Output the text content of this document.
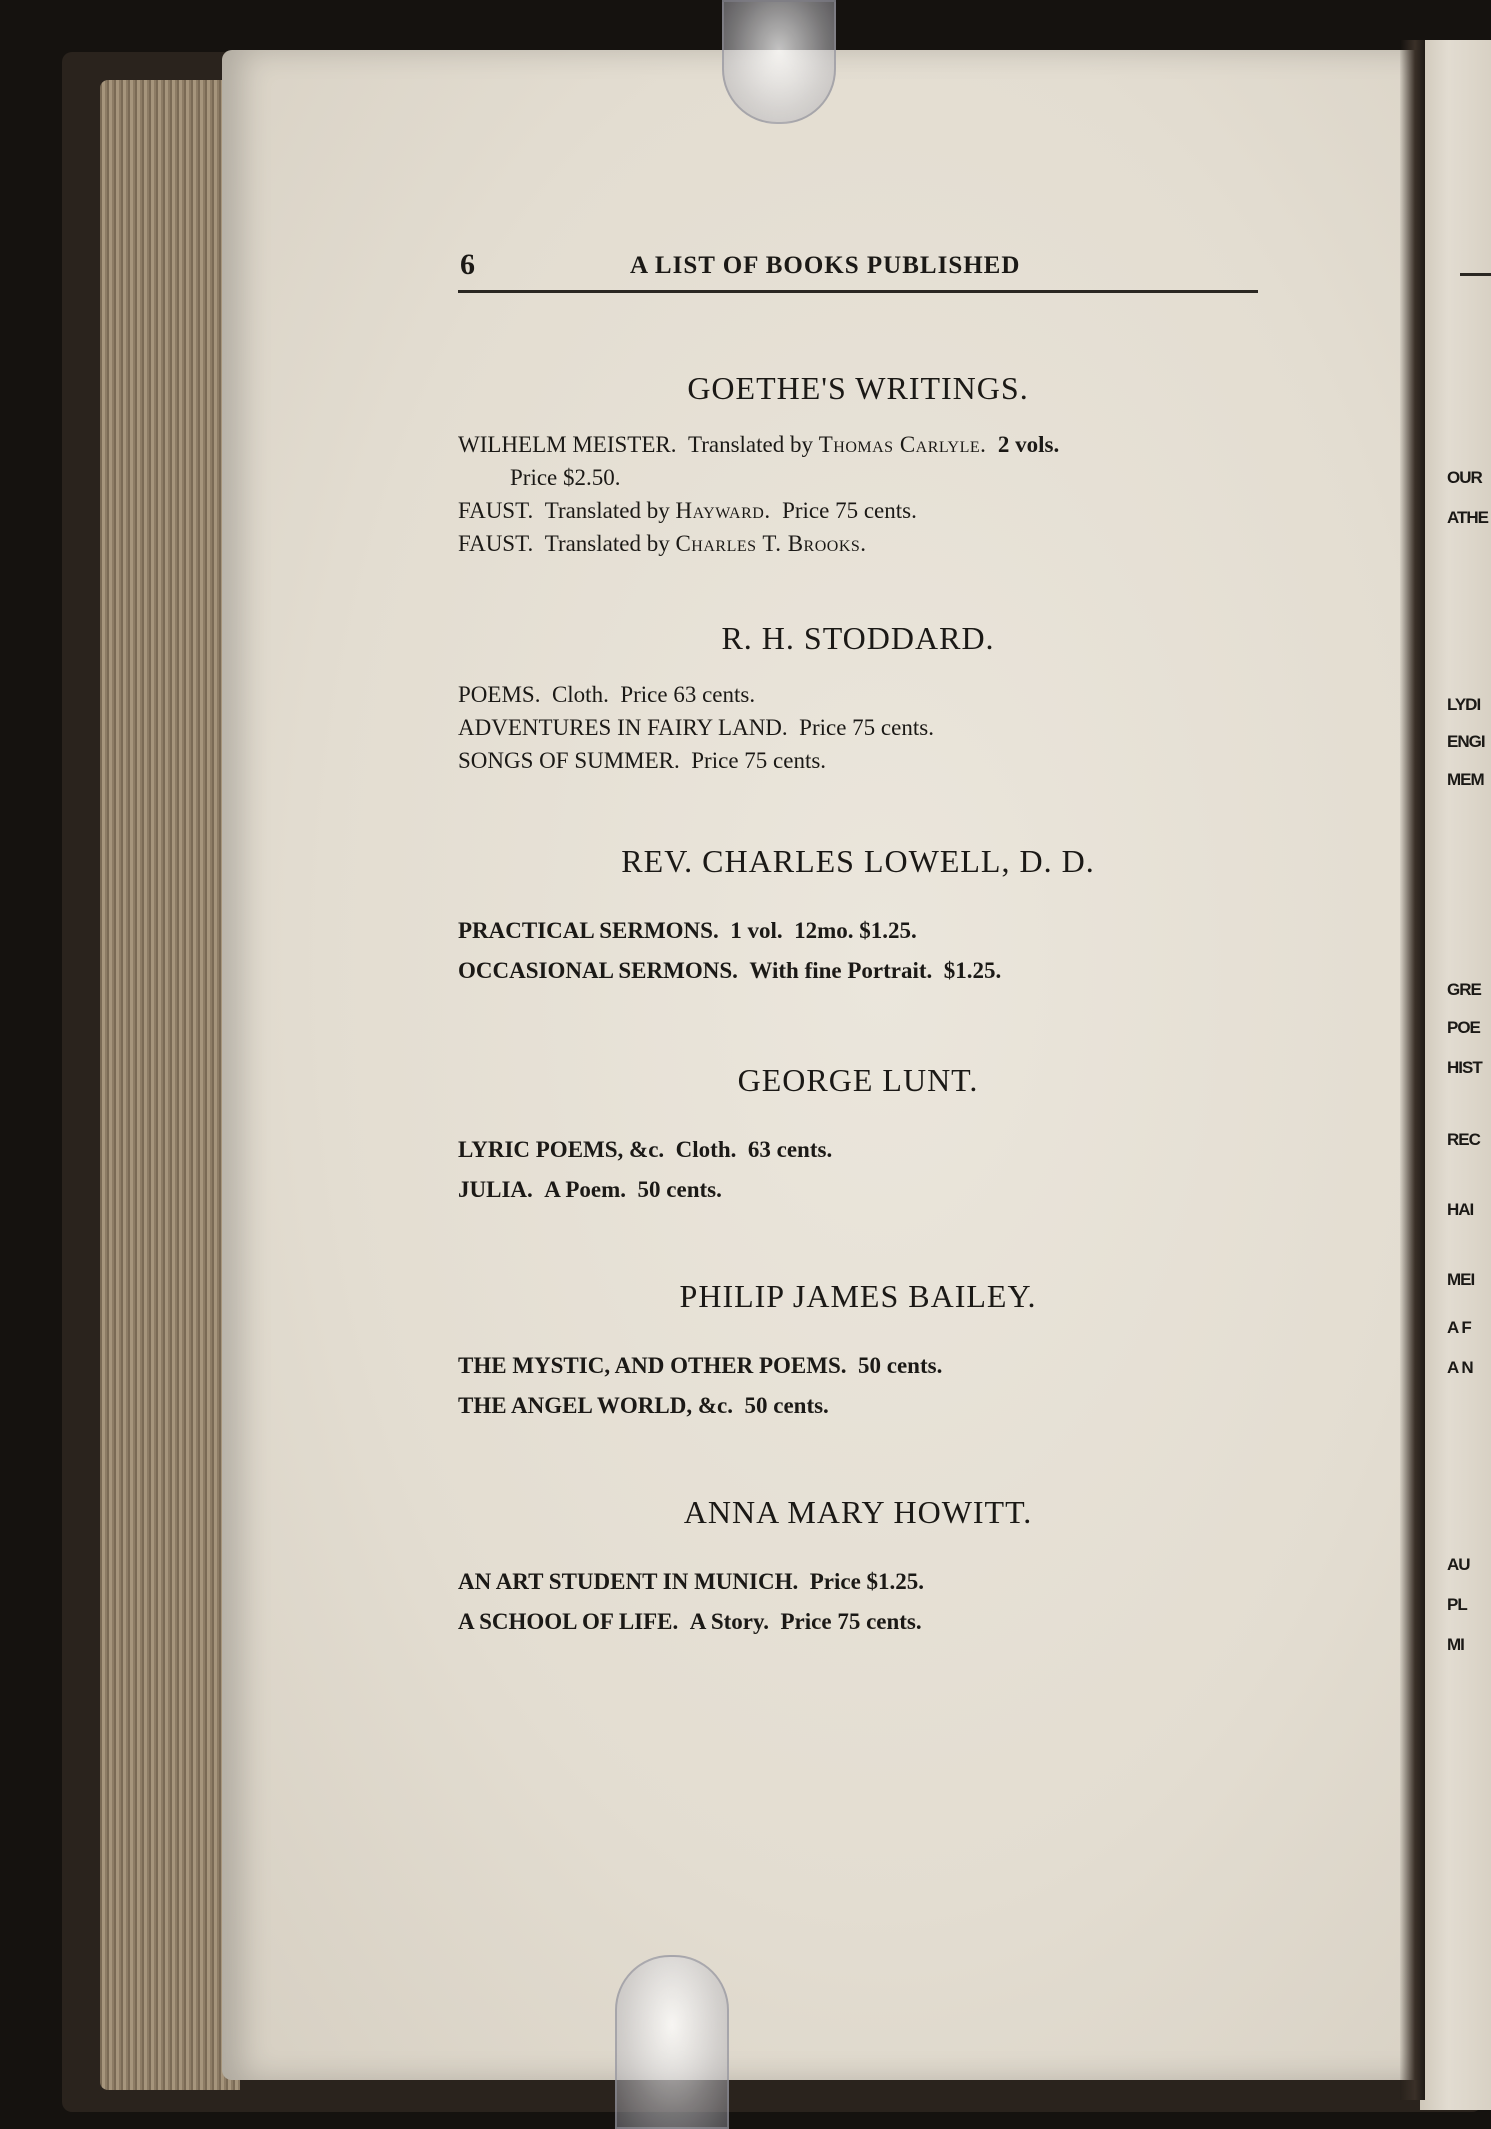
6	A LIST OF BOOKS PUBLISHED
GOETHE'S WRITINGS.
WILHELM MEISTER. Translated by Thomas Carlyle. 2 vols.
Price $2.50.
FAUST. Translated by Hayward. Price 75 cents.
FAUST. Translated by Charles T. Brooks.
R. H. STODDARD.
POEMS. Cloth. Price 63 cents.
ADVENTURES IN FAIRY LAND. Price 75 cents.
SONGS OF SUMMER. Price 75 cents.
REV. CHARLES LOWELL, D. D.
PRACTICAL SERMONS. 1 vol. 12mo. $1.25.
OCCASIONAL SERMONS. With fine Portrait. $1.25.
GEORGE LUNT.
LYRIC POEMS, &c. Cloth. 63 cents.
JULIA. A Poem. 50 cents.
PHILIP JAMES BAILEY.
THE MYSTIC, AND OTHER POEMS. 50 cents.
THE ANGEL WORLD, &c. 50 cents.
ANNA MARY HOWITT.
AN ART STUDENT IN MUNICH. Price $1.25.
A SCHOOL OF LIFE. A Story. Price 75 cents.
OUR
ATHE
LYDI
ENGI
MEM
GRE
POE
HIST
REC
HAI
MEI
A F
A N
AU
PL
MI
